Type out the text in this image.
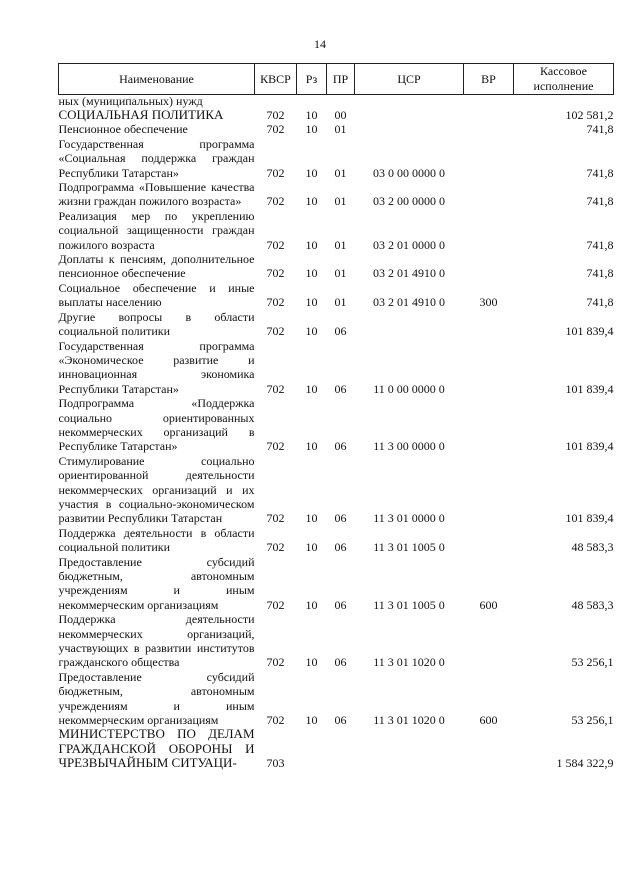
14
Наименование	КВСР	Рз	ПР	ЦСР	ВР	Кассовое исполнение
ных (муниципальных) нужд						
СОЦИАЛЬНАЯ ПОЛИТИКА	702	10	00			102 581,2
Пенсионное обеспечение	702	10	01			741,8
Государственная программа «Социальная поддержка граждан Республики Татарстан»	702	10	01	03 0 00 0000 0		741,8
Подпрограмма «Повышение качества жизни граждан пожилого возраста»	702	10	01	03 2 00 0000 0		741,8
Реализация мер по укреплению социальной защищенности граждан пожилого возраста	702	10	01	03 2 01 0000 0		741,8
Доплаты к пенсиям, дополнительное пенсионное обеспечение	702	10	01	03 2 01 4910 0		741,8
Социальное обеспечение и иные выплаты населению	702	10	01	03 2 01 4910 0	300	741,8
Другие вопросы в области социальной политики	702	10	06			101 839,4
Государственная программа «Экономическое развитие и инновационная экономика Республики Татарстан»	702	10	06	11 0 00 0000 0		101 839,4
Подпрограмма «Поддержка социально ориентированных некоммерческих организаций в Республике Татарстан»	702	10	06	11 3 00 0000 0		101 839,4
Стимулирование социально ориентированной деятельности некоммерческих организаций и их участия в социально-экономическом развитии Республики Татарстан	702	10	06	11 3 01 0000 0		101 839,4
Поддержка деятельности в области социальной политики	702	10	06	11 3 01 1005 0		48 583,3
Предоставление субсидий бюджетным, автономным учреждениям и иным некоммерческим организациям	702	10	06	11 3 01 1005 0	600	48 583,3
Поддержка деятельности некоммерческих организаций, участвующих в развитии институтов гражданского общества	702	10	06	11 3 01 1020 0		53 256,1
Предоставление субсидий бюджетным, автономным учреждениям и иным некоммерческим организациям	702	10	06	11 3 01 1020 0	600	53 256,1
МИНИСТЕРСТВО ПО ДЕЛАМ ГРАЖДАНСКОЙ ОБОРОНЫ И ЧРЕЗВЫЧАЙНЫМ СИТУАЦИ-	703					1 584 322,9
